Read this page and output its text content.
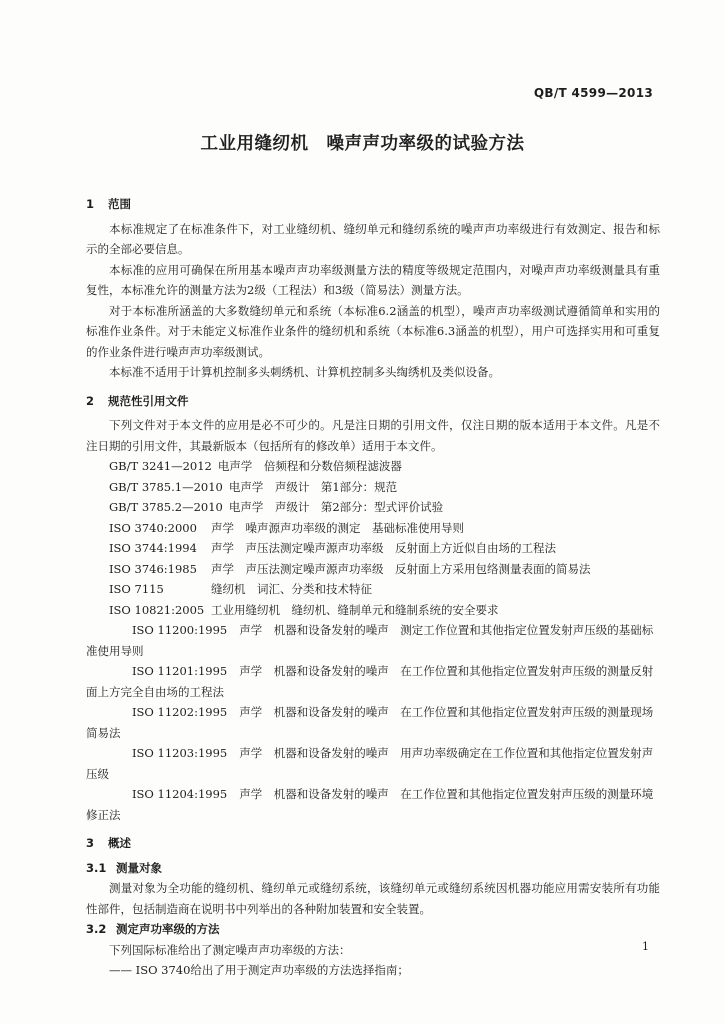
QB/T 4599—2013
工业用缝纫机　噪声声功率级的试验方法
1 范围
本标准规定了在标准条件下，对工业缝纫机、缝纫单元和缝纫系统的噪声声功率级进行有效测定、报告和标示的全部必要信息。
本标准的应用可确保在所用基本噪声声功率级测量方法的精度等级规定范围内，对噪声声功率级测量具有重复性，本标准允许的测量方法为2级（工程法）和3级（简易法）测量方法。
对于本标准所涵盖的大多数缝纫单元和系统（本标准6.2涵盖的机型），噪声声功率级测试遵循简单和实用的标准作业条件。对于未能定义标准作业条件的缝纫机和系统（本标准6.3涵盖的机型），用户可选择实用和可重复的作业条件进行噪声声功率级测试。
本标准不适用于计算机控制多头刺绣机、计算机控制多头绹绣机及类似设备。
2 规范性引用文件
下列文件对于本文件的应用是必不可少的。凡是注日期的引用文件，仅注日期的版本适用于本文件。凡是不注日期的引用文件，其最新版本（包括所有的修改单）适用于本文件。
GB/T 3241—2012 电声学　倍频程和分数倍频程滤波器
GB/T 3785.1—2010 电声学　声级计　第1部分：规范
GB/T 3785.2—2010 电声学　声级计　第2部分：型式评价试验
ISO 3740:2000 声学　噪声源声功率级的测定　基础标准使用导则
ISO 3744:1994 声学　声压法测定噪声源声功率级　反射面上方近似自由场的工程法
ISO 3746:1985 声学　声压法测定噪声源声功率级　反射面上方采用包络测量表面的简易法
ISO 7115	缝纫机　词汇、分类和技术特征
ISO 10821:2005 工业用缝纫机　缝纫机、缝制单元和缝制系统的安全要求
ISO 11200:1995 声学　机器和设备发射的噪声　测定工作位置和其他指定位置发射声压级的基础标准使用导则
ISO 11201:1995 声学　机器和设备发射的噪声　在工作位置和其他指定位置发射声压级的测量反射面上方完全自由场的工程法
ISO 11202:1995 声学　机器和设备发射的噪声　在工作位置和其他指定位置发射声压级的测量现场简易法
ISO 11203:1995 声学　机器和设备发射的噪声　用声功率级确定在工作位置和其他指定位置发射声压级
ISO 11204:1995 声学　机器和设备发射的噪声　在工作位置和其他指定位置发射声压级的测量环境修正法
3 概述
3.1 测量对象
测量对象为全功能的缝纫机、缝纫单元或缝纫系统，该缝纫单元或缝纫系统因机器功能应用需安装所有功能性部件，包括制造商在说明书中列举出的各种附加装置和安全装置。
3.2 测定声功率级的方法
下列国际标准给出了测定噪声声功率级的方法：
—— ISO 3740给出了用于测定声功率级的方法选择指南；
1
